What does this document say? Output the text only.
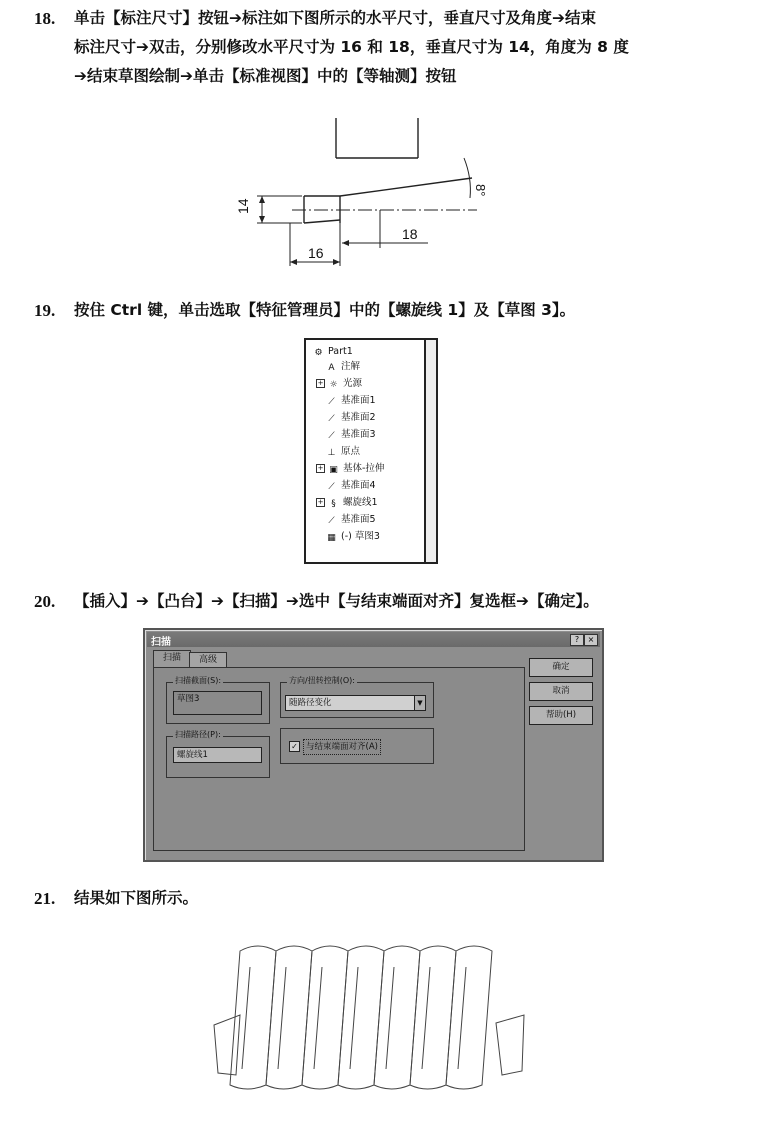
18. 单击【标注尺寸】按钮➔标注如下图所示的水平尺寸，垂直尺寸及角度➔结束
标注尺寸➔双击，分别修改水平尺寸为 16 和 18，垂直尺寸为 14，角度为 8 度
➔结束草图绘制➔单击【标准视图】中的【等轴测】按钮
14
16
18
8°
19. 按住 Ctrl 键，单击选取【特征管理员】中的【螺旋线 1】及【草图 3】。
⚙ Part1
A 注解
+ ☼ 光源
⟋ 基准面1
⟋ 基准面2
⟋ 基准面3
⊥ 原点
+ ▣ 基体-拉伸
⟋ 基准面4
+ § 螺旋线1
⟋ 基准面5
▦ (-) 草图3
20. 【插入】➔【凸台】➔【扫描】➔选中【与结束端面对齐】复选框➔【确定】。
扫描	?	×
扫描	高级
扫描截面(S):
草图3
扫描路径(P):
螺旋线1
方向/扭转控制(O):
随路径变化	▼
✓ 与结束端面对齐(A)
确定
取消
帮助(H)
21. 结果如下图所示。
